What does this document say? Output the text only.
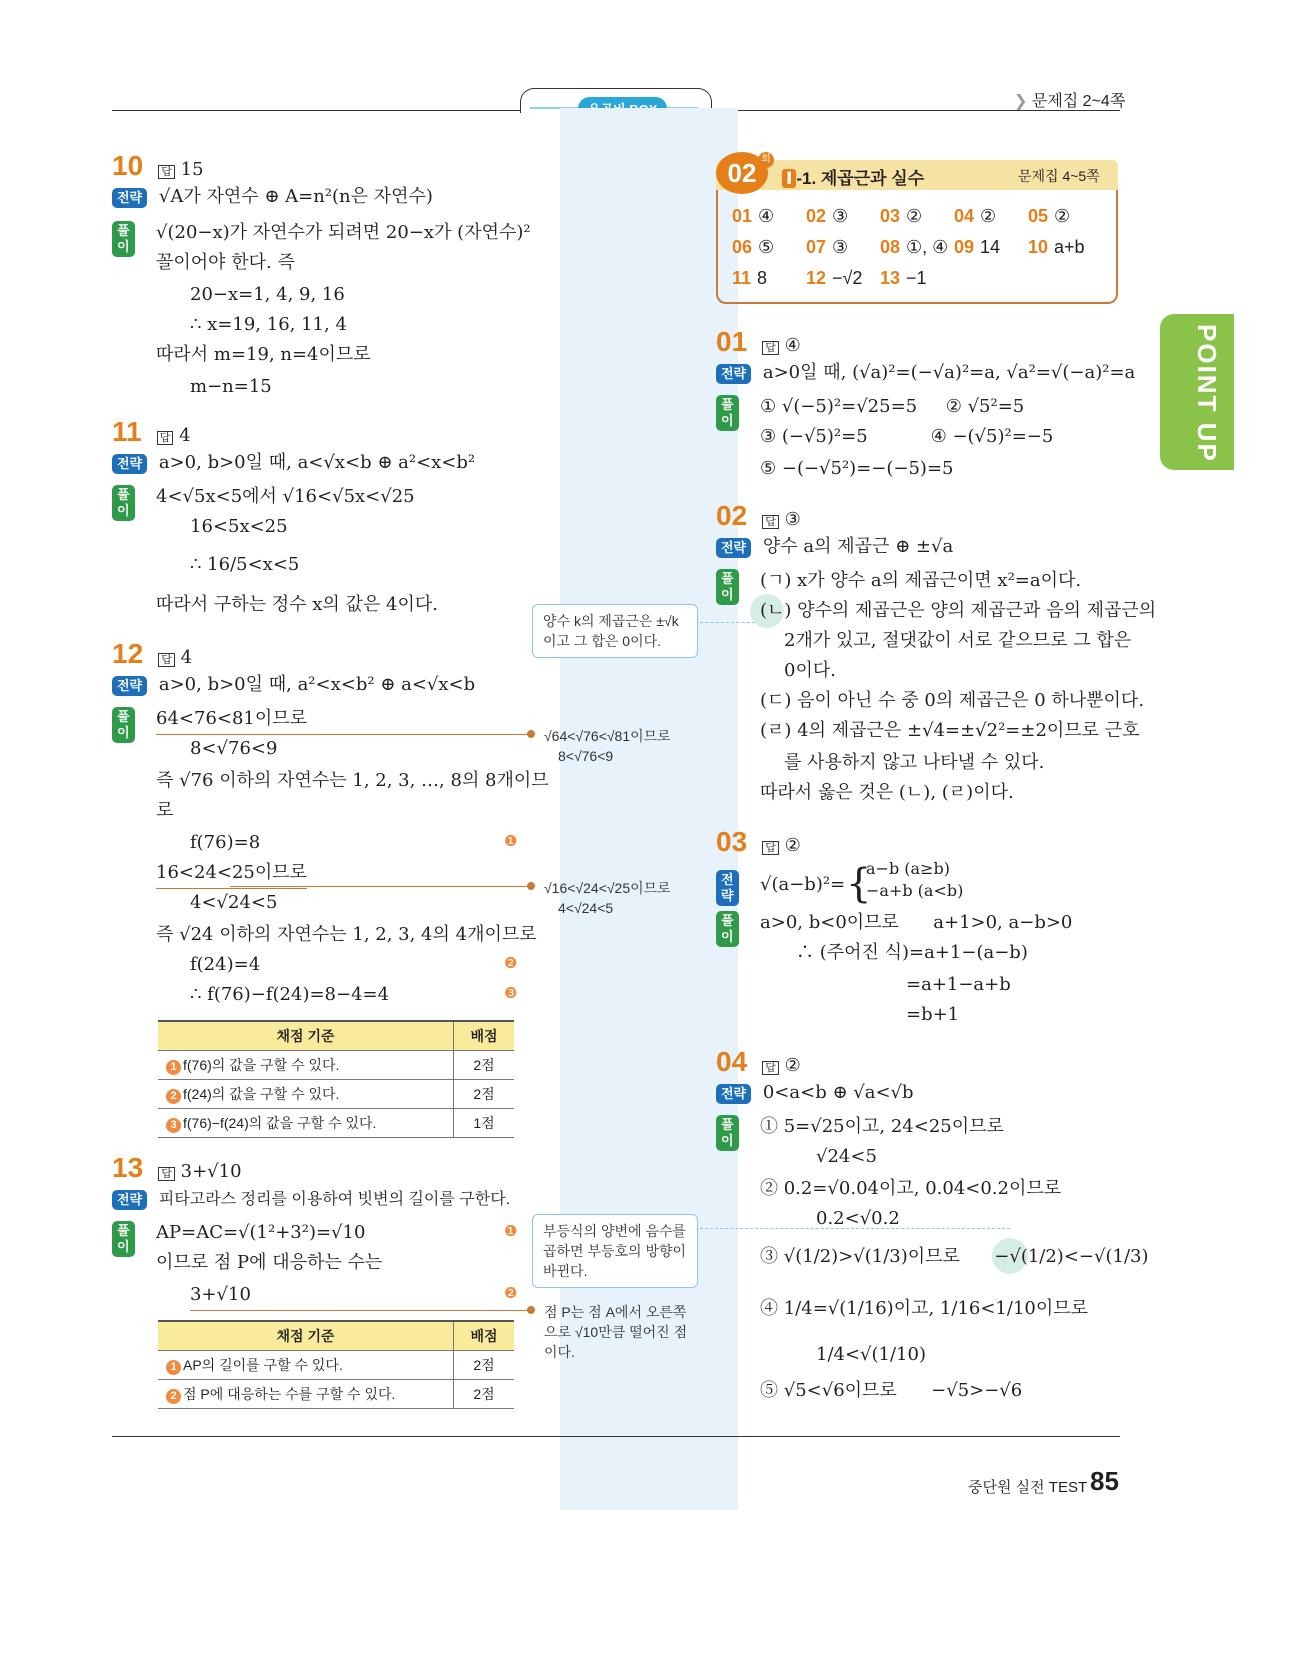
❯ 문제집 2~4쪽
10 답 15
전략 √A가 자연수 ⊕ A=n²(n은 자연수)
풀이
√(20−x)가 자연수가 되려면 20−x가 (자연수)²
꼴이어야 한다. 즉
20−x=1, 4, 9, 16
∴ x=19, 16, 11, 4
따라서 m=19, n=4이므로
m−n=15
11 답 4
전략 a>0, b>0일 때, a<√x<b ⊕ a²<x<b²
풀이
4<√5x<5에서 √16<√5x<√25
16<5x<25
∴ 16/5<x<5
따라서 구하는 정수 x의 값은 4이다.
12 답 4
전략 a>0, b>0일 때, a²<x<b² ⊕ a<√x<b
풀이
64<76<81이므로
8<√76<9
즉 √76 이하의 자연수는 1, 2, 3, …, 8의 8개이므
로
f(76)=8	❶
16<24<25이므로
4<√24<5
즉 √24 이하의 자연수는 1, 2, 3, 4의 4개이므로
f(24)=4	❷
∴ f(76)−f(24)=8−4=4	❸
채점 기준	배점
1 f(76)의 값을 구할 수 있다.	2점
2 f(24)의 값을 구할 수 있다.	2점
3 f(76)−f(24)의 값을 구할 수 있다.	1점
13 답 3+√10
전략 피타고라스 정리를 이용하여 빗변의 길이를 구한다.
풀이
AP=AC=√(1²+3²)=√10	❶
이므로 점 P에 대응하는 수는
3+√10	❷
채점 기준	배점
1 AP의 길이를 구할 수 있다.	2점
2 점 P에 대응하는 수를 구할 수 있다.	2점
양수 k의 제곱근은 ±√k
이고 그 합은 0이다.
√64<√76<√81이므로
8<√76<9
√16<√24<√25이므로
4<√24<5
부등식의 양변에 음수를
곱하면 부등호의 방향이
바뀐다.
점 P는 점 A에서 오른쪽
으로 √10만큼 떨어진 점
이다.
02 회
Ⅰ -1. 제곱근과 실수	문제집 4~5쪽
01 ④ 02 ③ 03 ② 04 ② 05 ②
06 ⑤ 07 ③ 08 ①, ④ 09 14 10 a+b
11 8 12 −√2 13 −1
01 답 ④
전략 a>0일 때, (√a)²=(−√a)²=a, √a²=√(−a)²=a
풀이
① √(−5)²=√25=5     ② √5²=5
③ (−√5)²=5           ④ −(√5)²=−5
⑤ −(−√5²)=−(−5)=5
02 답 ③
전략 양수 a의 제곱근 ⊕ ±√a
풀이
(ㄱ) x가 양수 a의 제곱근이면 x²=a이다.
(ㄴ) 양수의 제곱근은 양의 제곱근과 음의 제곱근의
2개가 있고, 절댓값이 서로 같으므로 그 합은
0이다.
(ㄷ) 음이 아닌 수 중 0의 제곱근은 0 하나뿐이다.
(ㄹ) 4의 제곱근은 ±√4=±√2²=±2이므로 근호
를 사용하지 않고 나타낼 수 있다.
따라서 옳은 것은 (ㄴ), (ㄹ)이다.
03 답 ②
전략
√(a−b)²= {
a−b (a≥b)
−a+b (a<b)
풀이
a>0, b<0이므로      a+1>0, a−b>0
∴ (주어진 식)=a+1−(a−b)
=a+1−a+b
=b+1
04 답 ②
전략 0<a<b ⊕ √a<√b
풀이
① 5=√25이고, 24<25이므로
√24<5
② 0.2=√0.04이고, 0.04<0.2이므로
0.2<√0.2
③ √(1/2)>√(1/3)이므로      −√(1/2)<−√(1/3)
④ 1/4=√(1/16)이고, 1/16<1/10이므로
1/4<√(1/10)
⑤ √5<√6이므로      −√5>−√6
POINT UP
중단원 실전 TEST 85
